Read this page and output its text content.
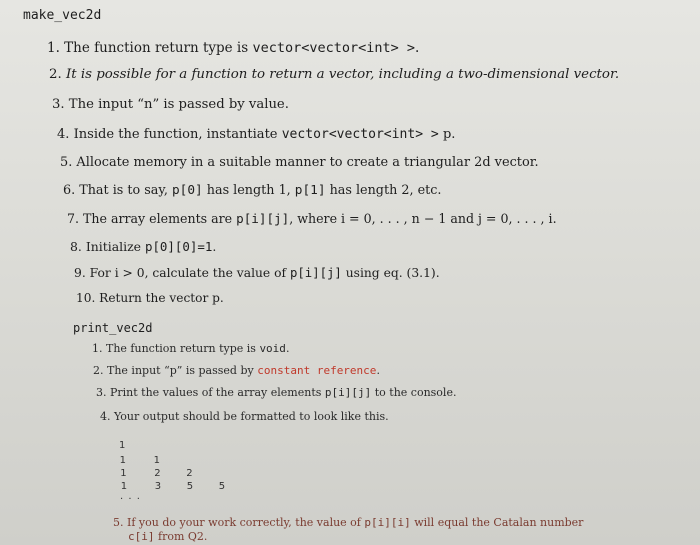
make_vec2d
1. The function return type is vector<vector<int> >.
2. It is possible for a function to return a vector, including a two-dimensional vector.
3. The input “n” is passed by value.
4. Inside the function, instantiate vector<vector<int> > p.
5. Allocate memory in a suitable manner to create a triangular 2d vector.
6. That is to say, p[0] has length 1, p[1] has length 2, etc.
7. The array elements are p[i][j], where i = 0, . . . , n − 1 and j = 0, . . . , i.
8. Initialize p[0][0]=1.
9. For i > 0, calculate the value of p[i][j] using eq. (3.1).
10. Return the vector p.
print_vec2d
1. The function return type is void.
2. The input “p” is passed by constant reference.
3. Print the values of the array elements p[i][j] to the console.
4. Your output should be formatted to look like this.
1
1	1
1	2	2
1	3	5	5
. . .
5. If you do your work correctly, the value of p[i][i] will equal the Catalan number
c[i] from Q2.
